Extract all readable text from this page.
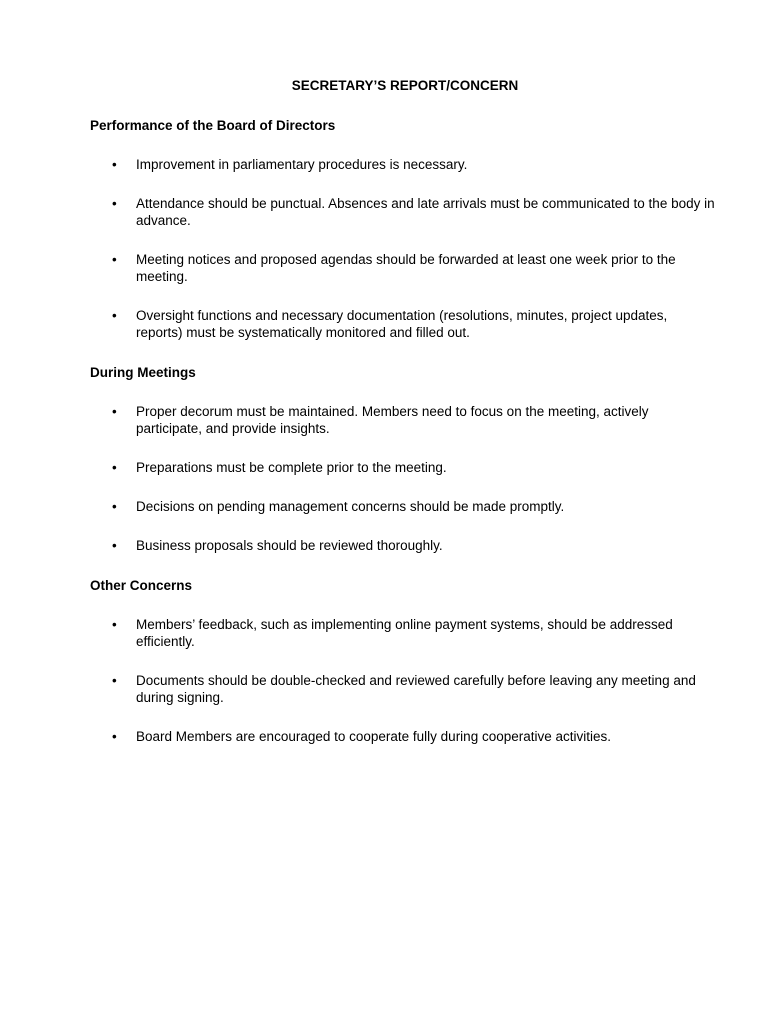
SECRETARY’S REPORT/CONCERN
Performance of the Board of Directors
• Improvement in parliamentary procedures is necessary.
• Attendance should be punctual. Absences and late arrivals must be communicated to the body in advance.
• Meeting notices and proposed agendas should be forwarded at least one week prior to the meeting.
• Oversight functions and necessary documentation (resolutions, minutes, project updates, reports) must be systematically monitored and filled out.
During Meetings
• Proper decorum must be maintained. Members need to focus on the meeting, actively participate, and provide insights.
• Preparations must be complete prior to the meeting.
• Decisions on pending management concerns should be made promptly.
• Business proposals should be reviewed thoroughly.
Other Concerns
• Members’ feedback, such as implementing online payment systems, should be addressed efficiently.
• Documents should be double-checked and reviewed carefully before leaving any meeting and during signing.
• Board Members are encouraged to cooperate fully during cooperative activities.
